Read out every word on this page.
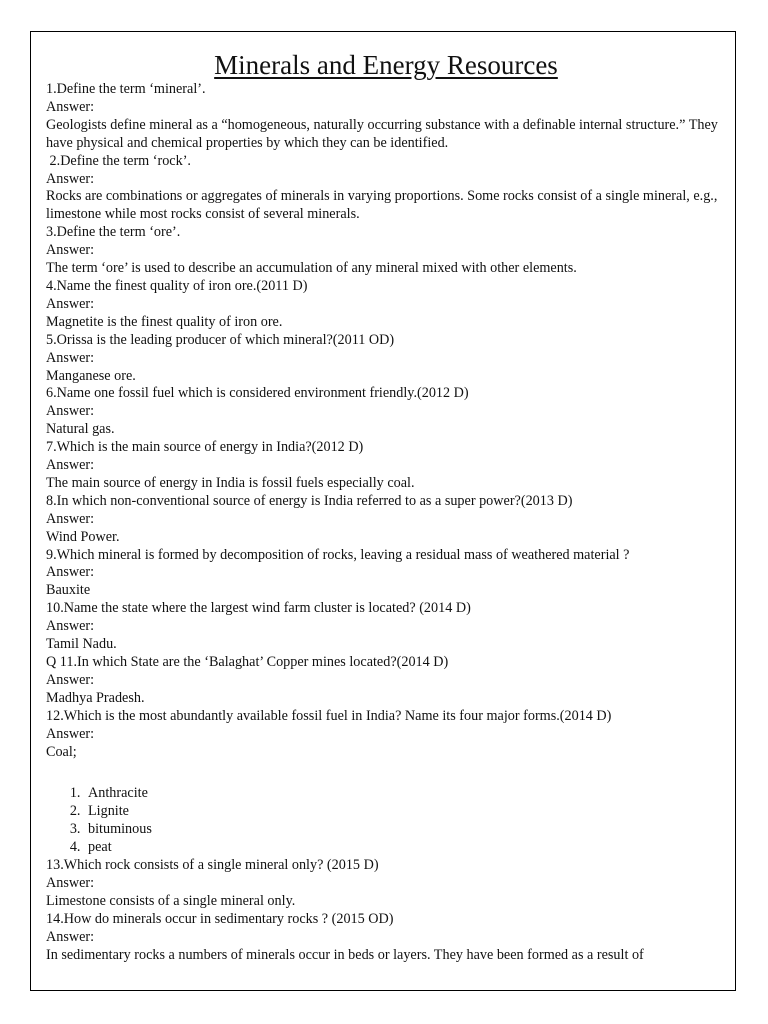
Minerals and Energy Resources

1.Define the term ‘mineral’.

Answer:

Geologists define mineral as a “homogeneous, naturally occurring substance with a definable internal structure.” They have physical and chemical properties by which they can be identified.

2.Define the term ‘rock’.

Answer:

Rocks are combinations or aggregates of minerals in varying proportions. Some rocks consist of a single mineral, e.g., limestone while most rocks consist of several minerals.

3.Define the term ‘ore’.

Answer:

The term ‘ore’ is used to describe an accumulation of any mineral mixed with other elements.

4.Name the finest quality of iron ore.(2011 D)

Answer:

Magnetite is the finest quality of iron ore.

5.Orissa is the leading producer of which mineral?(2011 OD)

Answer:

Manganese ore.

6.Name one fossil fuel which is considered environment friendly.(2012 D)

Answer:

Natural gas.

7.Which is the main source of energy in India?(2012 D)

Answer:

The main source of energy in India is fossil fuels especially coal.

8.In which non-conventional source of energy is India referred to as a super power?(2013 D)

Answer:

Wind Power.

9.Which mineral is formed by decomposition of rocks, leaving a residual mass of weathered material ?

Answer:

Bauxite

10.Name the state where the largest wind farm cluster is located? (2014 D)

Answer:

Tamil Nadu.

Q 11.In which State are the ‘Balaghat’ Copper mines located?(2014 D)

Answer:

Madhya Pradesh.

12.Which is the most abundantly available fossil fuel in India? Name its four major forms.(2014 D)

Answer:

Coal;

1. Anthracite
2. Lignite
3. bituminous
4. peat

13.Which rock consists of a single mineral only? (2015 D)

Answer:

Limestone consists of a single mineral only.

14.How do minerals occur in sedimentary rocks ? (2015 OD)

Answer:

In sedimentary rocks a numbers of minerals occur in beds or layers. They have been formed as a result of
